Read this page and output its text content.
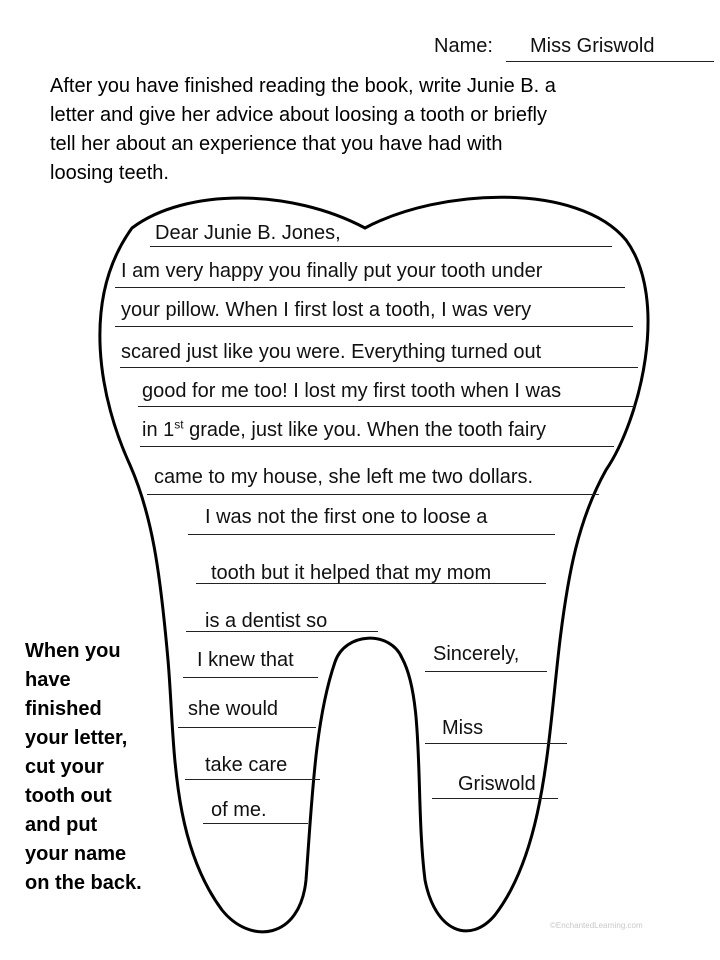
Name: Miss Griswold
After you have finished reading the book, write Junie B. a
letter and give her advice about loosing a tooth or briefly
tell her about an experience that you have had with
loosing teeth.
Dear Junie B. Jones,
I am very happy you finally put your tooth under
your pillow. When I first lost a tooth, I was very
scared just like you were. Everything turned out
good for me too! I lost my first tooth when I was
in 1st grade, just like you. When the tooth fairy
came to my house, she left me two dollars.
I was not the first one to loose a
tooth but it helped that my mom
is a dentist so
I knew that
she would
take care
of me.
Sincerely,
Miss
Griswold
When you
have
finished
your letter,
cut your
tooth out
and put
your name
on the back.
©EnchantedLearning.com
